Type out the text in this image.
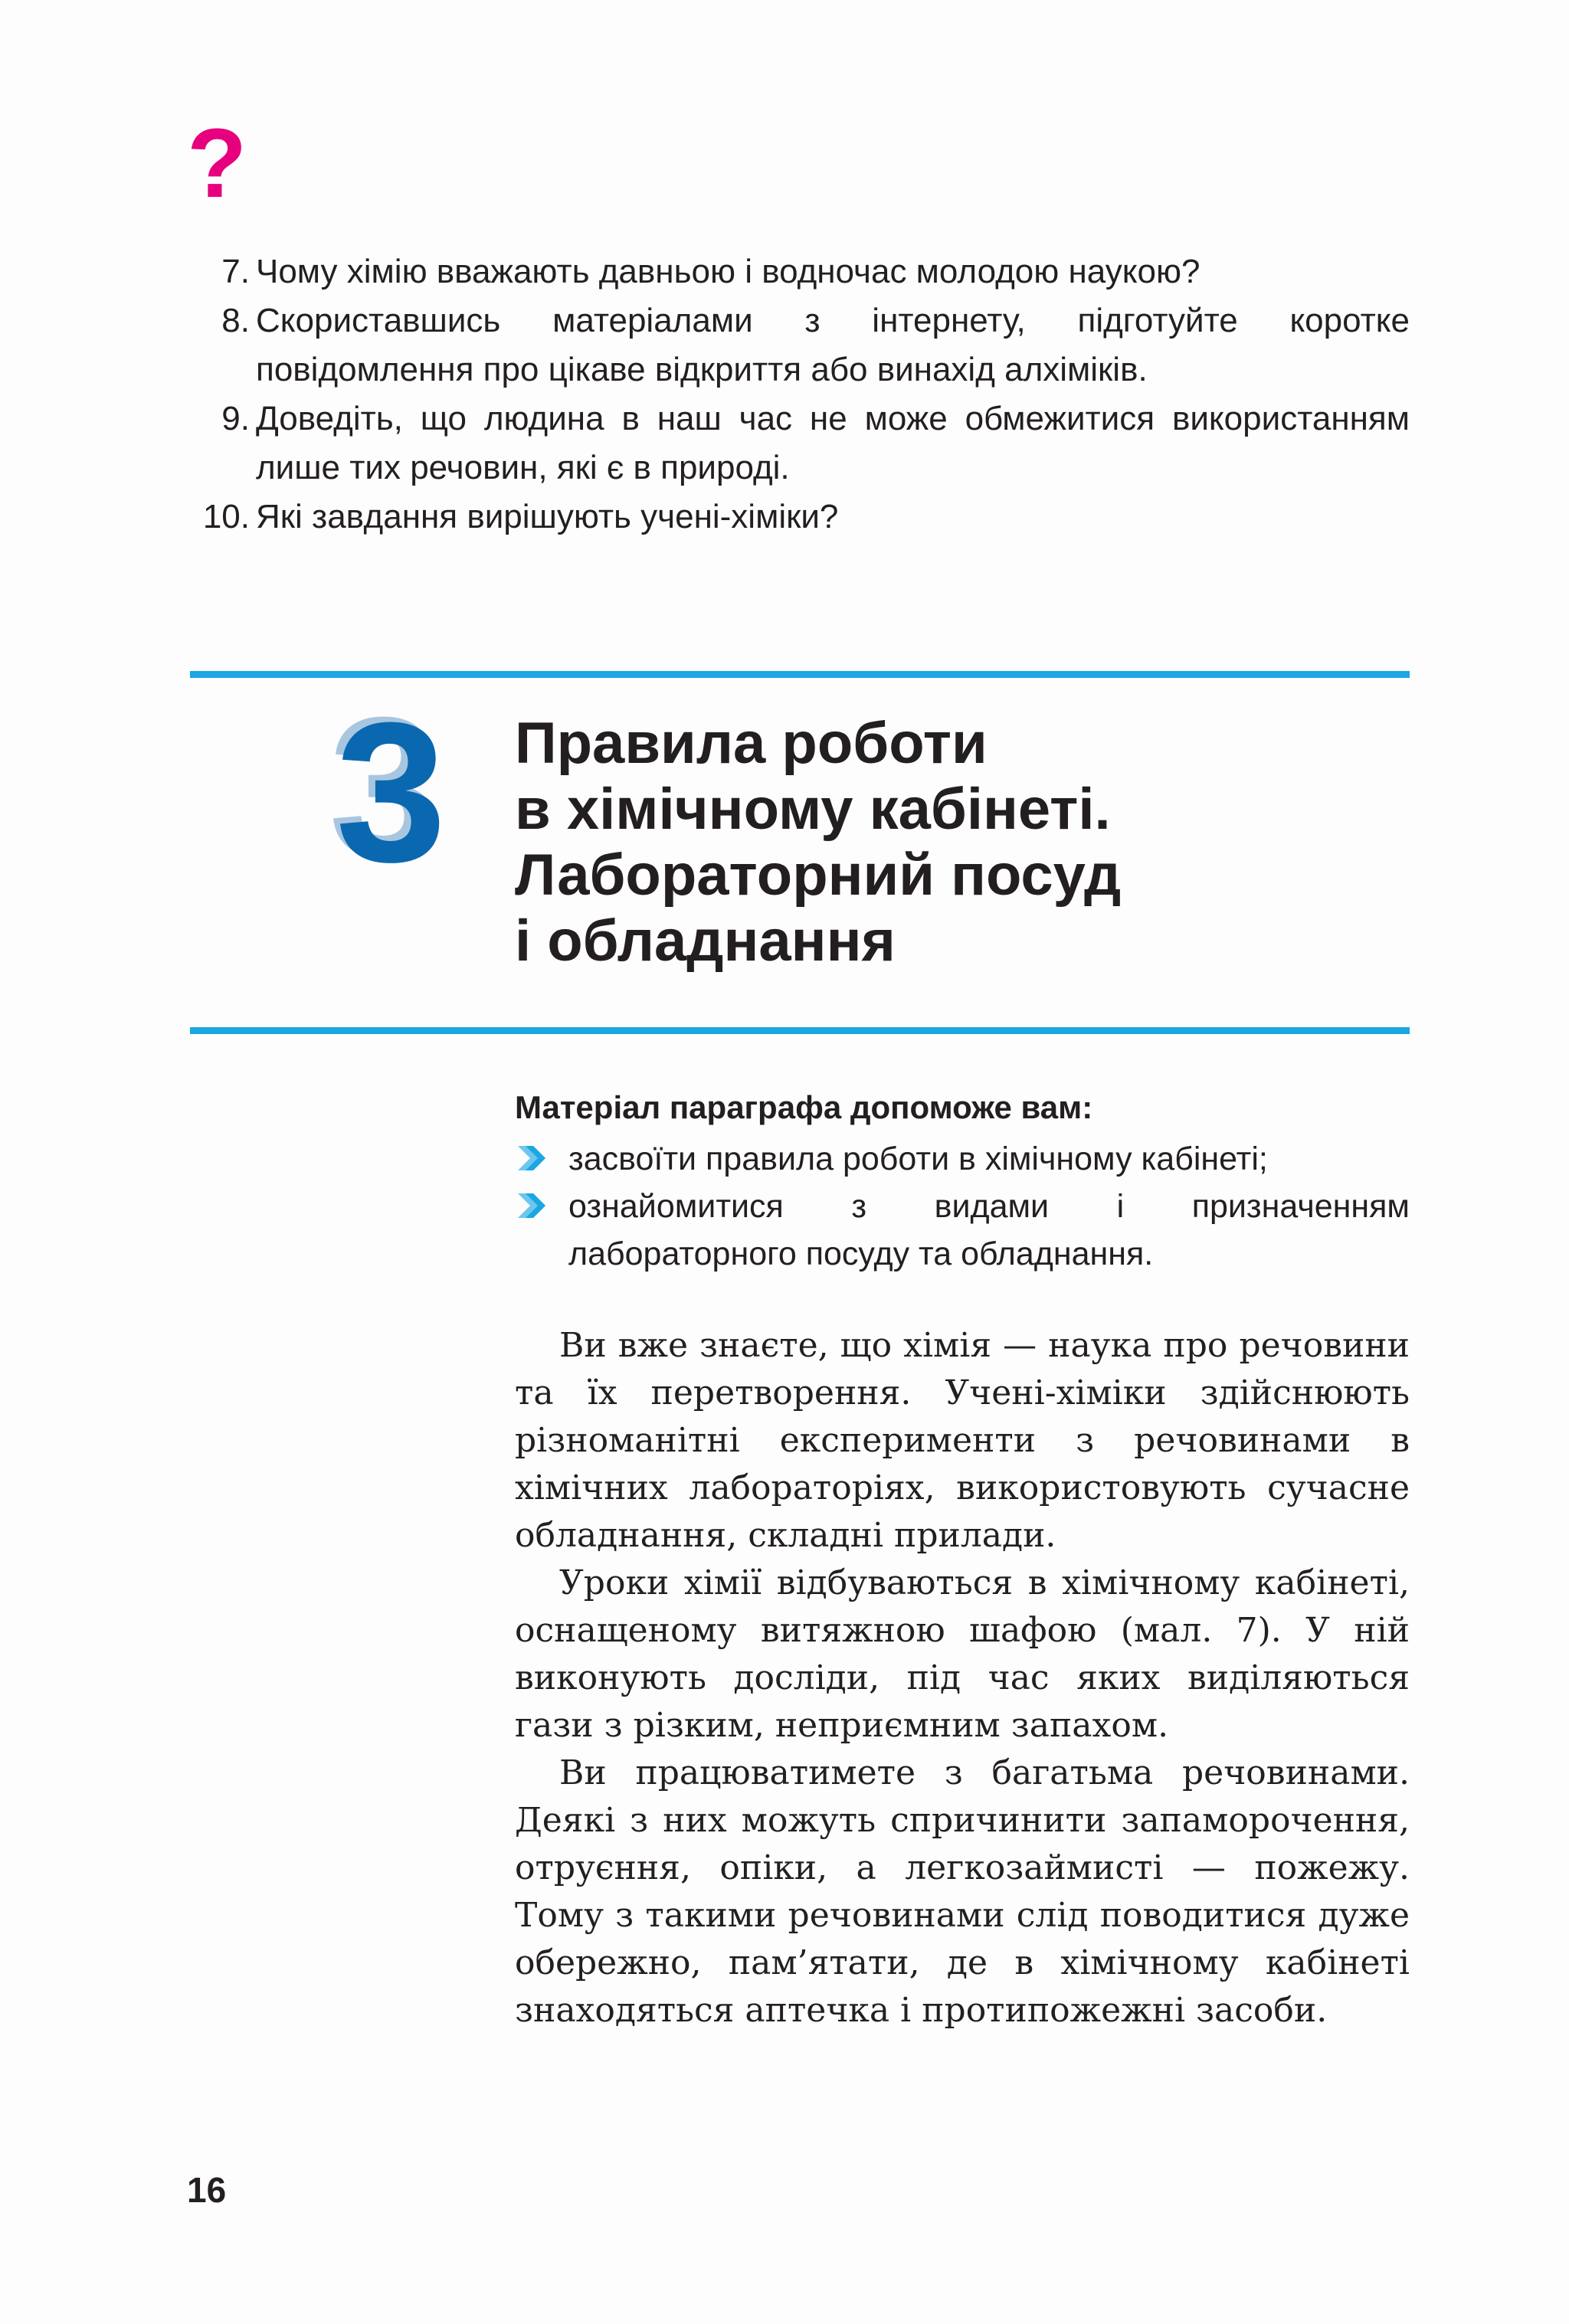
?
7. Чому хімію вважають давньою і водночас молодою наукою?
8. Скориставшись матеріалами з інтернету, підготуйте коротке повідомлення про цікаве відкриття або винахід алхіміків.
9. Доведіть, що людина в наш час не може обмежитися використанням лише тих речовин, які є в природі.
10. Які завдання вирішують учені-хіміки?
3 Правила роботи
в хімічному кабінеті.
Лабораторний посуд
і обладнання
Матеріал параграфа допоможе вам:
засвоїти правила роботи в хімічному кабінеті;
ознайомитися з видами і призначенням лабораторного посуду та обладнання.

Ви вже знаєте, що хімія — наука про речовини та їх перетворення. Учені-хіміки здійснюють різноманітні експерименти з речовинами в хімічних лабораторіях, використовують сучасне обладнання, складні прилади.

Уроки хімії відбуваються в хімічному кабінеті, оснащеному витяжною шафою (мал. 7). У ній виконують досліди, під час яких виділяються гази з різким, неприємним запахом.

Ви працюватимете з багатьма речовинами. Деякі з них можуть спричинити запаморочення, отруєння, опіки, а легкозаймисті — пожежу. Тому з такими речовинами слід поводитися дуже обережно, пам’ятати, де в хімічному кабінеті знаходяться аптечка і протипожежні засоби.

16
